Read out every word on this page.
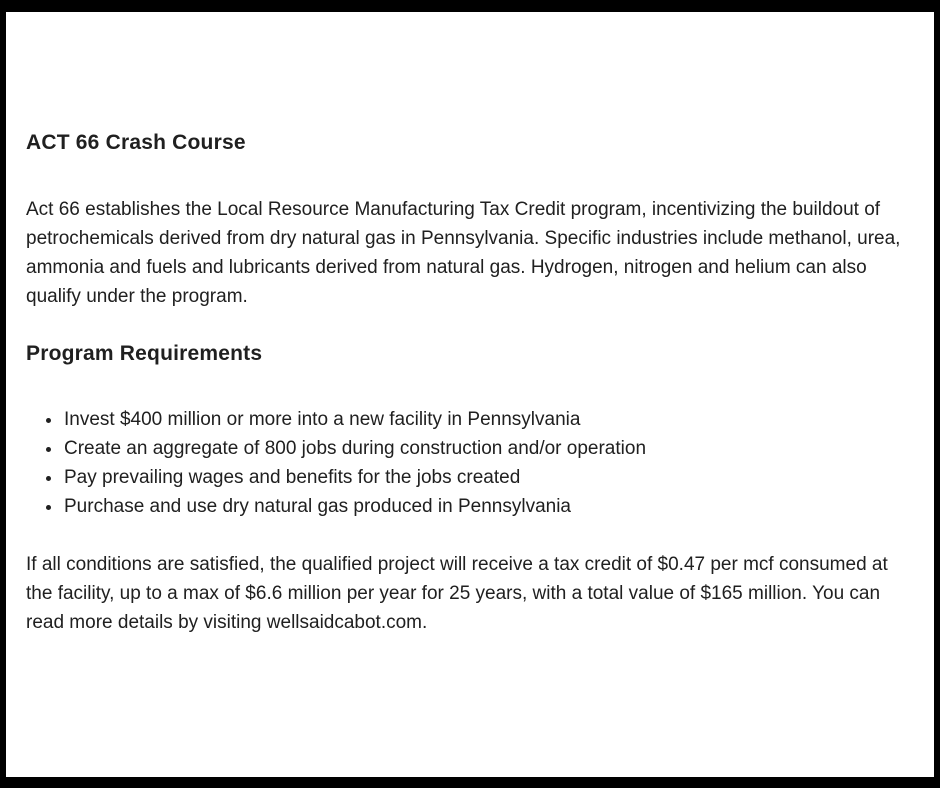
ACT 66 Crash Course

Act 66 establishes the Local Resource Manufacturing Tax Credit program, incentivizing the buildout of petrochemicals derived from dry natural gas in Pennsylvania. Specific industries include methanol, urea, ammonia and fuels and lubricants derived from natural gas. Hydrogen, nitrogen and helium can also qualify under the program.

Program Requirements
• Invest $400 million or more into a new facility in Pennsylvania
• Create an aggregate of 800 jobs during construction and/or operation
• Pay prevailing wages and benefits for the jobs created
• Purchase and use dry natural gas produced in Pennsylvania

If all conditions are satisfied, the qualified project will receive a tax credit of $0.47 per mcf consumed at the facility, up to a max of $6.6 million per year for 25 years, with a total value of $165 million. You can read more details by visiting wellsaidcabot.com.
